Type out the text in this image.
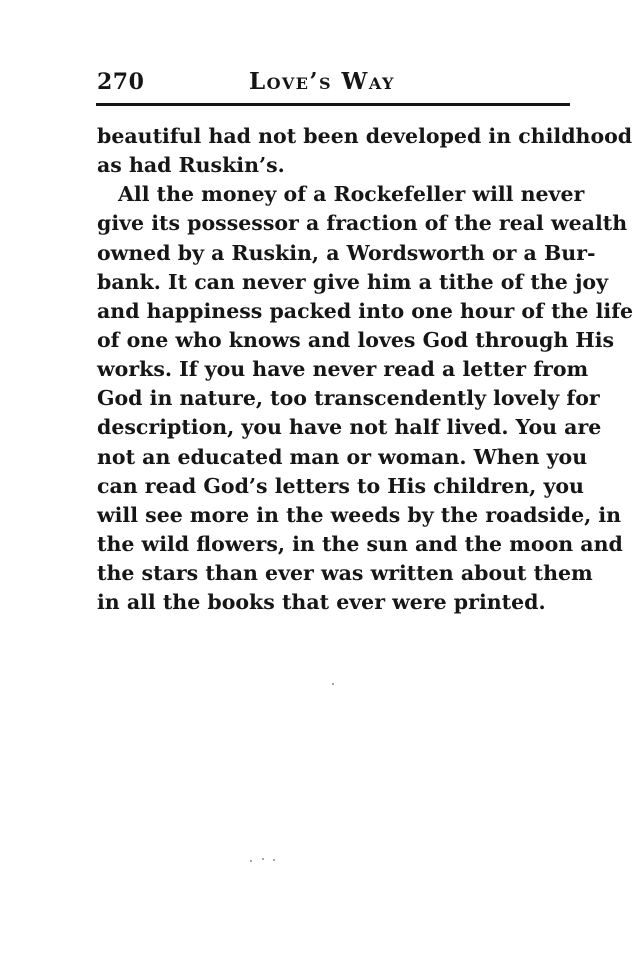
270	Love’s Way
beautiful had not been developed in childhood
as had Ruskin’s.
All the money of a Rockefeller will never
give its possessor a fraction of the real wealth
owned by a Ruskin, a Wordsworth or a Bur-
bank. It can never give him a tithe of the joy
and happiness packed into one hour of the life
of one who knows and loves God through His
works. If you have never read a letter from
God in nature, too transcendently lovely for
description, you have not half lived. You are
not an educated man or woman. When you
can read God’s letters to His children, you
will see more in the weeds by the roadside, in
the wild flowers, in the sun and the moon and
the stars than ever was written about them
in all the books that ever were printed.
